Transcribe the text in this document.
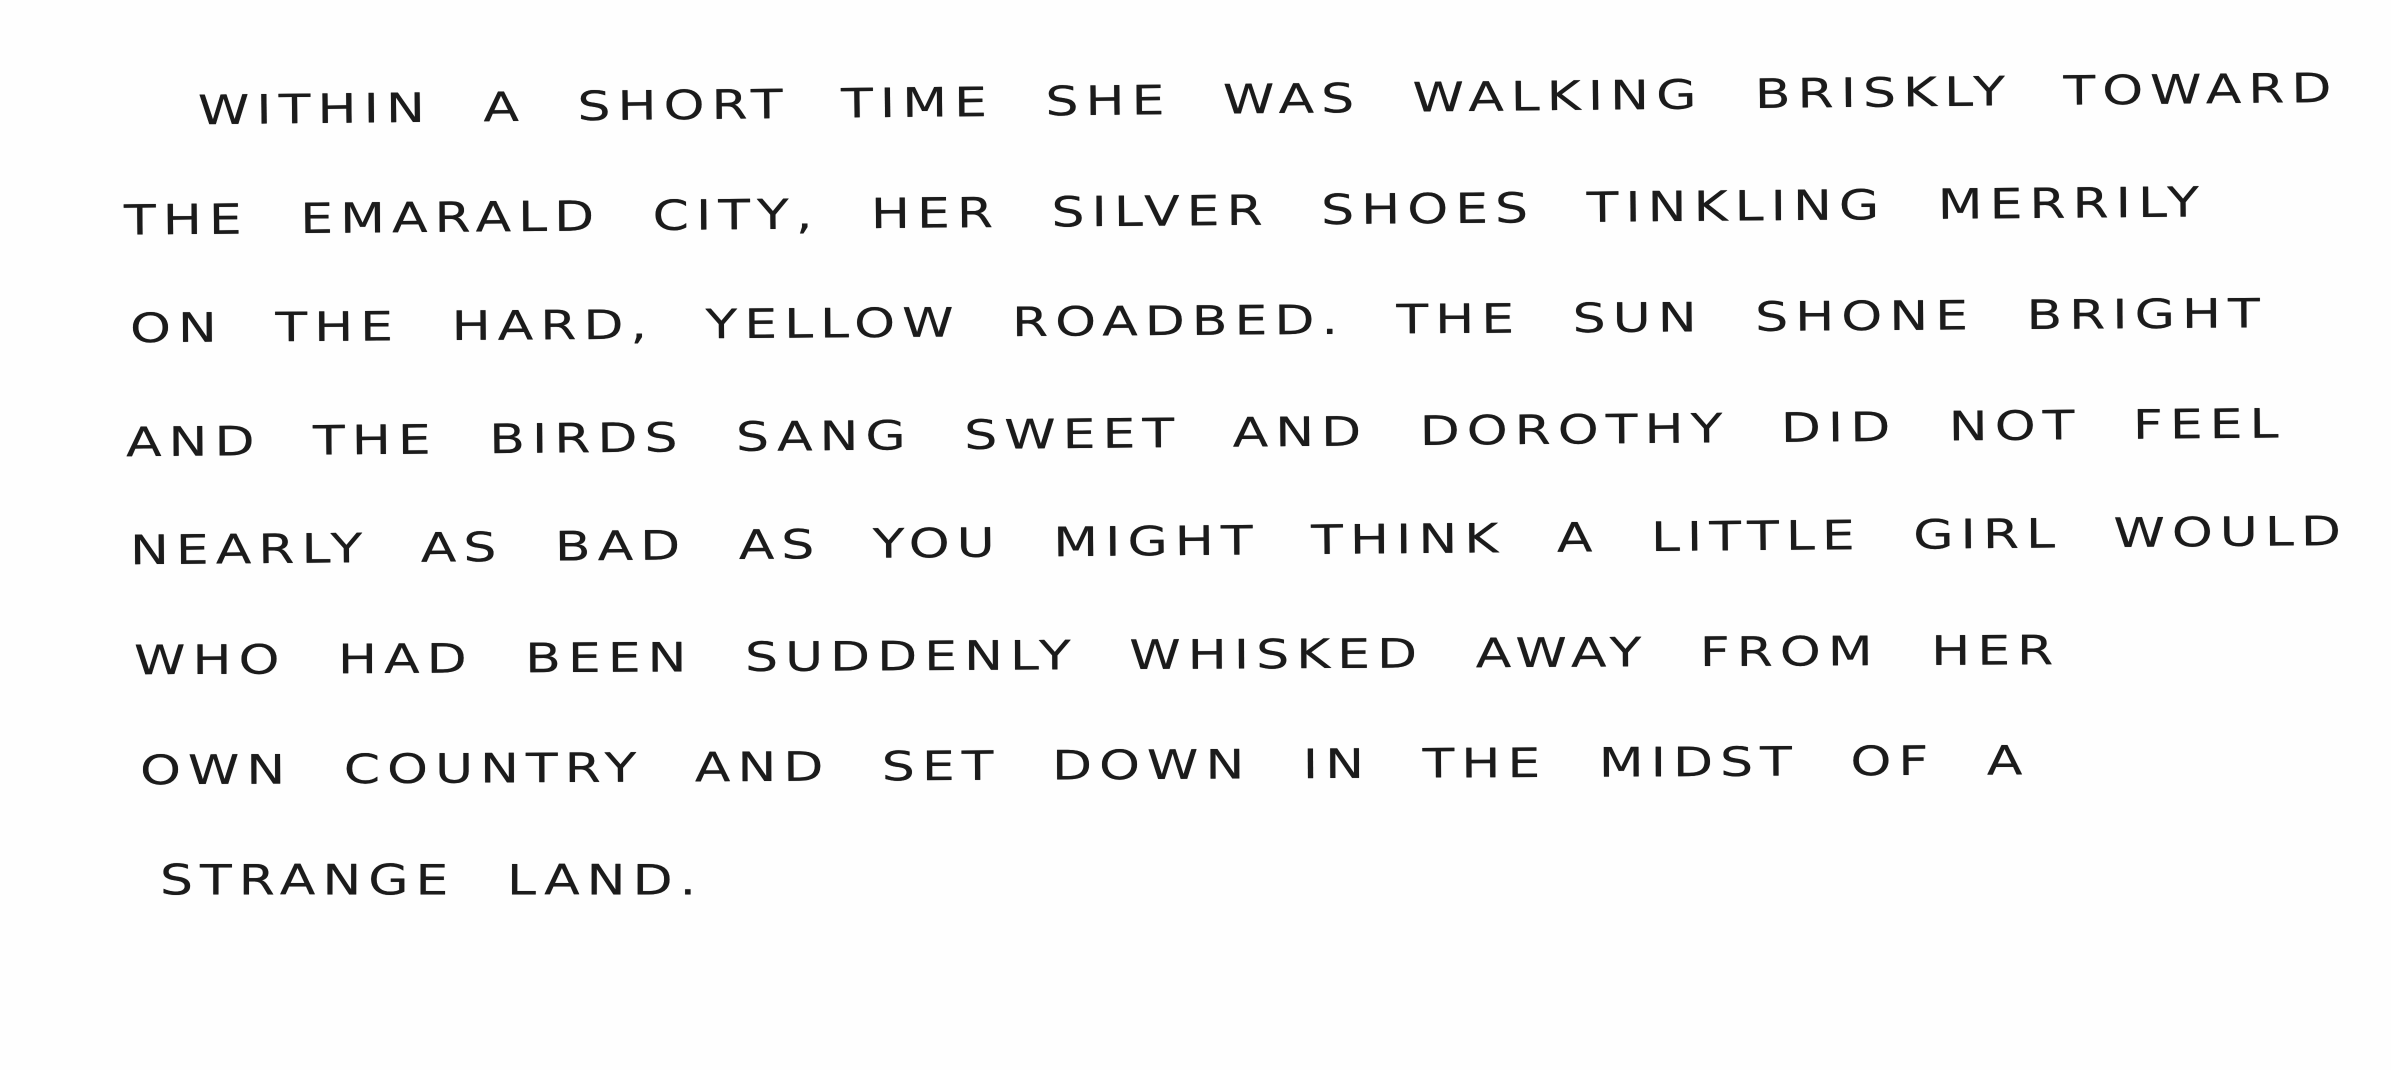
WITHIN A SHORT TIME SHE WAS WALKING BRISKLY TOWARD
THE EMARALD CITY, HER SILVER SHOES TINKLING MERRILY
ON THE HARD, YELLOW ROADBED. THE SUN SHONE BRIGHT
AND THE BIRDS SANG SWEET AND DOROTHY DID NOT FEEL
NEARLY AS BAD AS YOU MIGHT THINK A LITTLE GIRL WOULD
WHO HAD BEEN SUDDENLY WHISKED AWAY FROM HER
OWN COUNTRY AND SET DOWN IN THE MIDST OF A
STRANGE LAND.
